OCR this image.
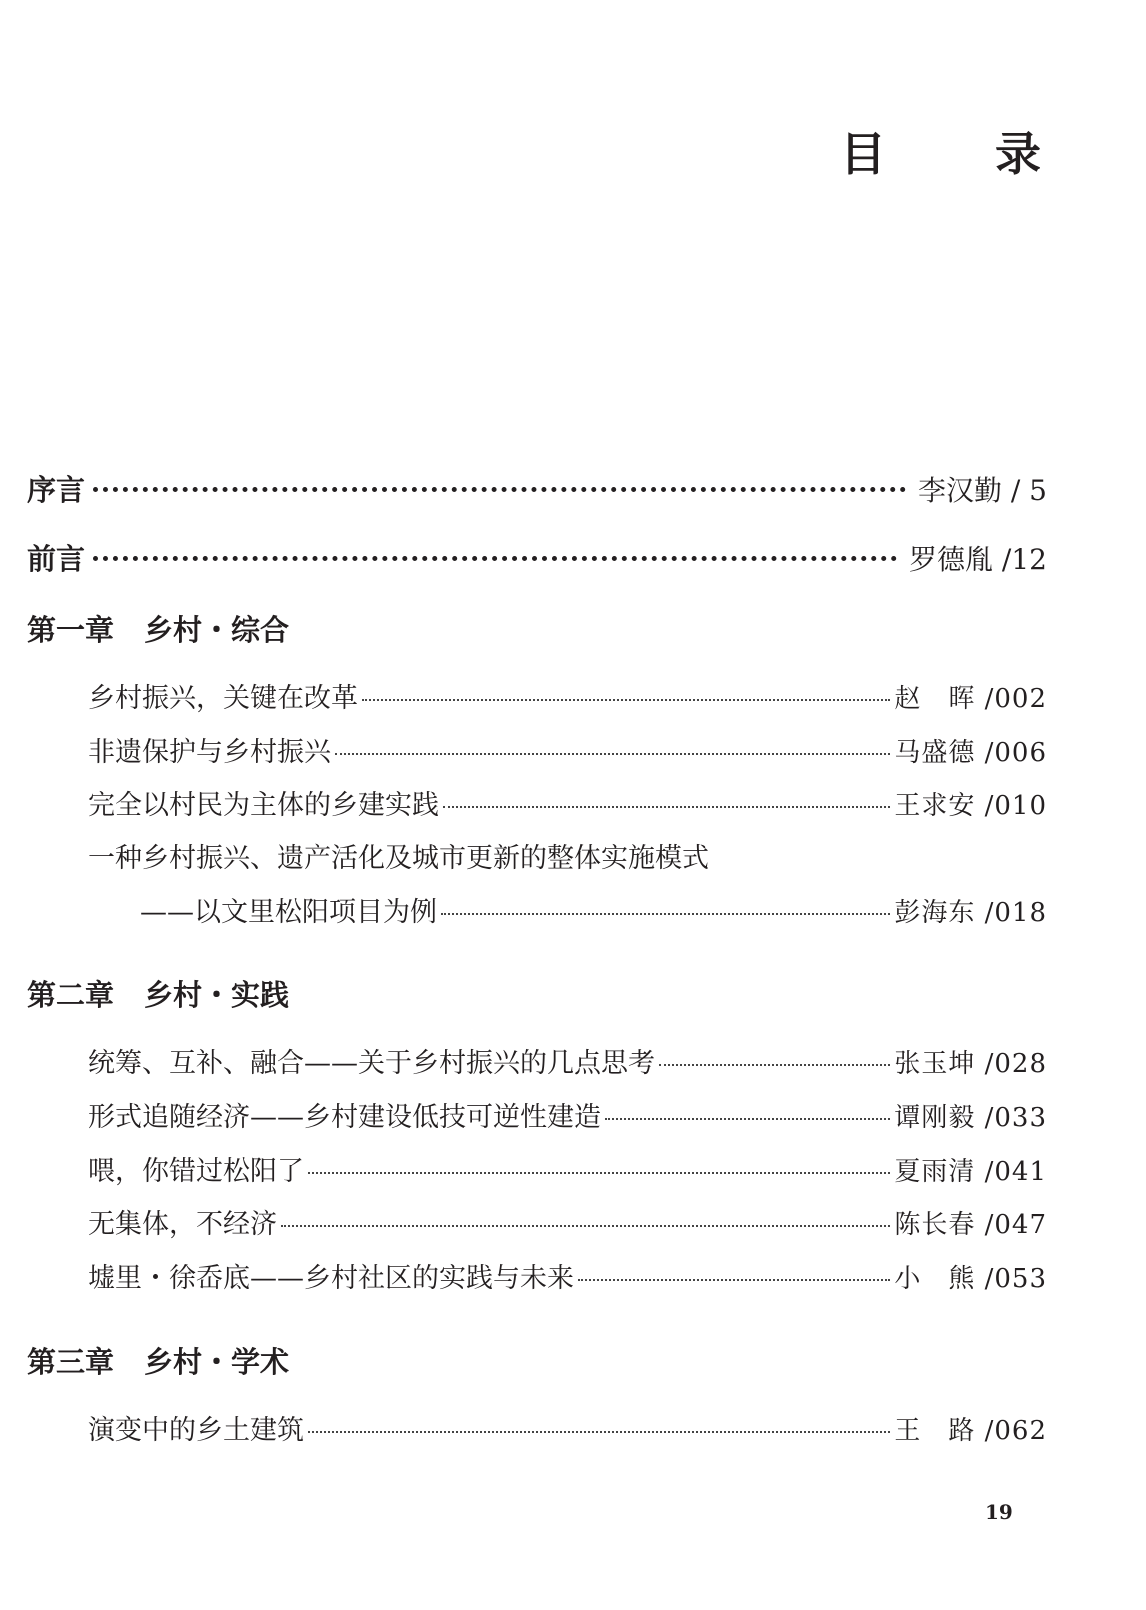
目 录
序言	李汉勤 / 5
前言	罗德胤 /12
第一章 乡村・综合
乡村振兴，关键在改革	赵　晖 /002
非遗保护与乡村振兴	马盛德 /006
完全以村民为主体的乡建实践	王求安 /010
一种乡村振兴、遗产活化及城市更新的整体实施模式
——以文里松阳项目为例	彭海东 /018
第二章 乡村・实践
统筹、互补、融合——关于乡村振兴的几点思考	张玉坤 /028
形式追随经济——乡村建设低技可逆性建造	谭刚毅 /033
喂，你错过松阳了	夏雨清 /041
无集体，不经济	陈长春 /047
墟里・徐岙底——乡村社区的实践与未来	小　熊 /053
第三章 乡村・学术
演变中的乡土建筑	王　路 /062
19
